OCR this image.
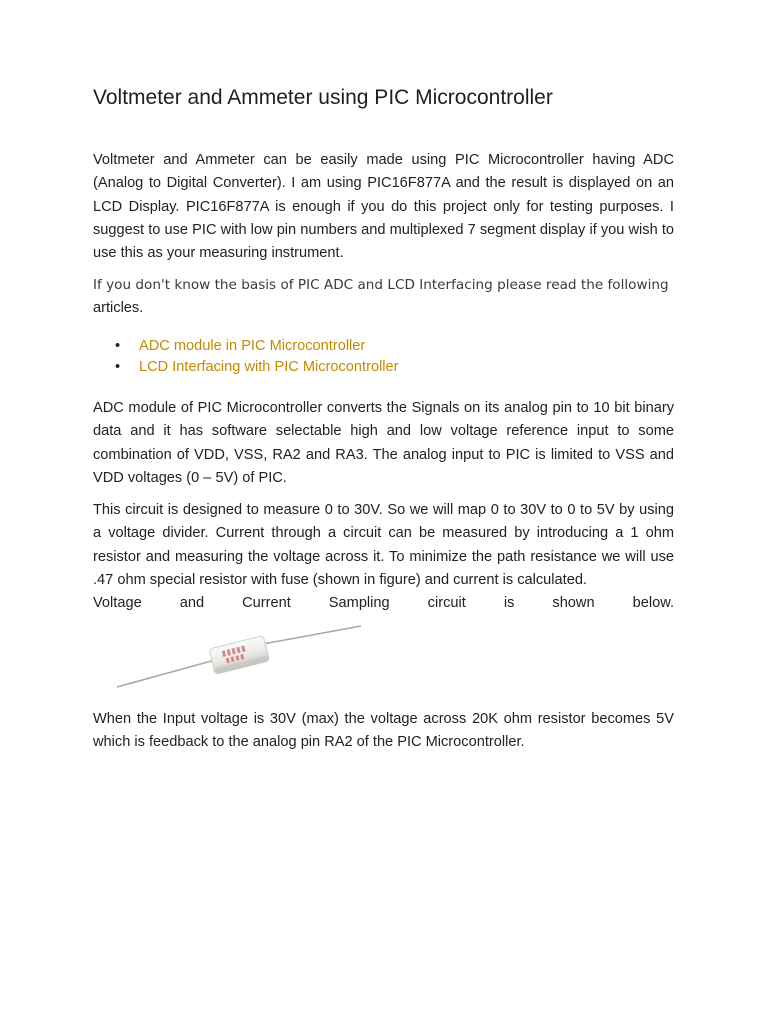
Voltmeter and Ammeter using PIC Microcontroller

Voltmeter and Ammeter can be easily made using PIC Microcontroller having ADC (Analog to Digital Converter). I am using PIC16F877A and the result is displayed on an LCD Display. PIC16F877A is enough if you do this project only for testing purposes. I suggest to use PIC with low pin numbers and multiplexed 7 segment display if you wish to use this as your measuring instrument.

If you don't know the basis of PIC ADC and LCD Interfacing please read the following
articles.

• ADC module in PIC Microcontroller
• LCD Interfacing with PIC Microcontroller

ADC module of PIC Microcontroller converts the Signals on its analog pin to 10 bit binary data and it has software selectable high and low voltage reference input to some combination of VDD, VSS, RA2 and RA3. The analog input to PIC is limited to VSS and VDD voltages (0 – 5V) of PIC.

This circuit is designed to measure 0 to 30V. So we will map 0 to 30V to 0 to 5V by using a voltage divider. Current through a circuit can be measured by introducing a 1 ohm resistor and measuring the voltage across it. To minimize the path resistance we will use .47 ohm special resistor with fuse (shown in figure) and current is calculated.
Voltage and Current Sampling circuit is shown below.

When the Input voltage is 30V (max) the voltage across 20K ohm resistor becomes 5V which is feedback to the analog pin RA2 of the PIC Microcontroller.
